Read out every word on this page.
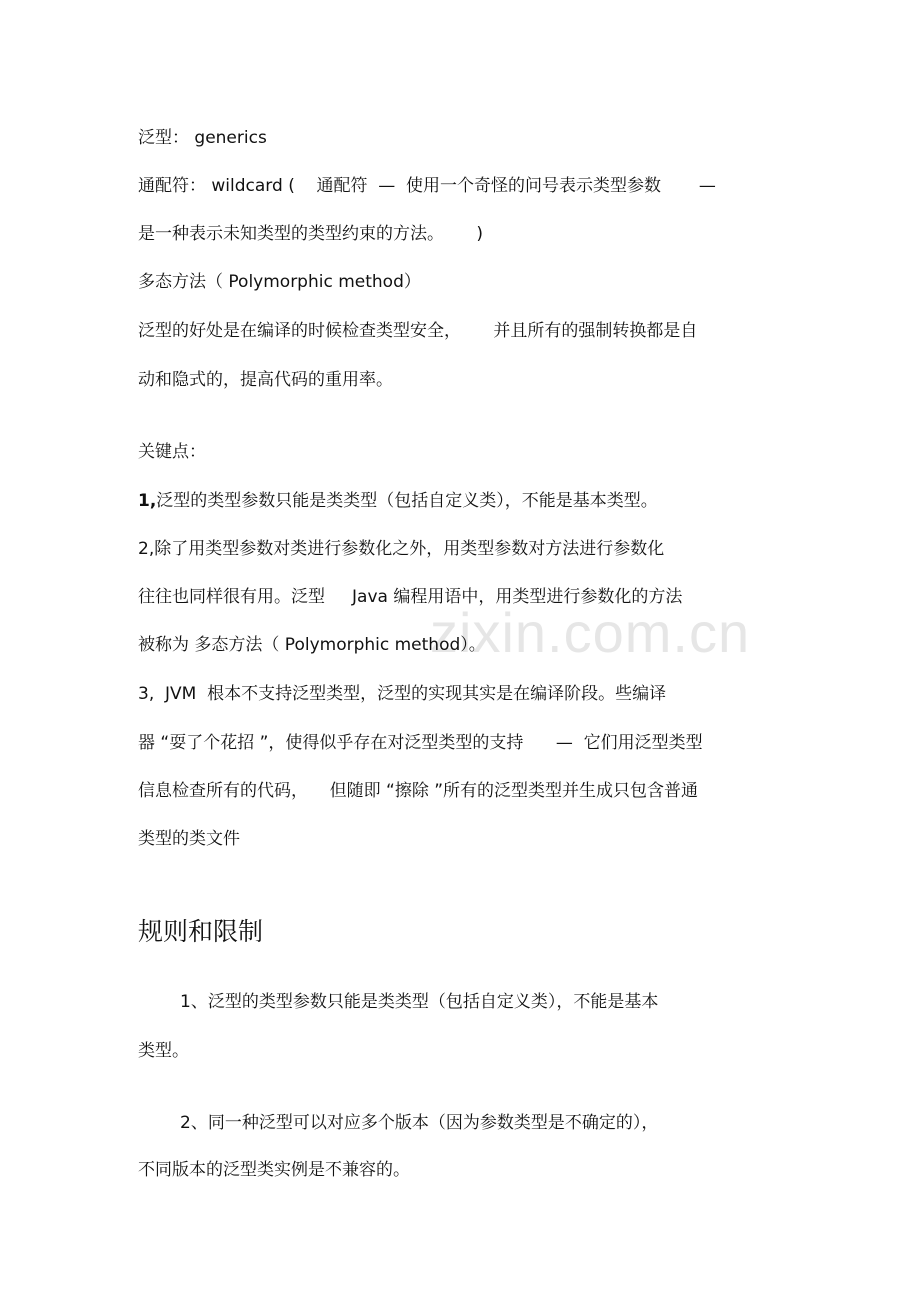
zixin.com.cn
泛型： generics
通配符： wildcard (    通配符  —  使用一个奇怪的问号表示类型参数       —
是一种表示未知类型的类型约束的方法。      )
多态方法（ Polymorphic method）
泛型的好处是在编译的时候检查类型安全，      并且所有的强制转换都是自
动和隐式的，提高代码的重用率。
关键点：
1,泛型的类型参数只能是类类型（包括自定义类），不能是基本类型。
2,除了用类型参数对类进行参数化之外，用类型参数对方法进行参数化
往往也同样很有用。泛型     Java 编程用语中，用类型进行参数化的方法
被称为 多态方法（ Polymorphic method）。
3,  JVM  根本不支持泛型类型，泛型的实现其实是在编译阶段。些编译
器 “耍了个花招 ”，使得似乎存在对泛型类型的支持      —  它们用泛型类型
信息检查所有的代码，    但随即 “擦除 ”所有的泛型类型并生成只包含普通
类型的类文件
规则和限制
1、泛型的类型参数只能是类类型（包括自定义类），不能是基本
类型。
2、同一种泛型可以对应多个版本（因为参数类型是不确定的），
不同版本的泛型类实例是不兼容的。
